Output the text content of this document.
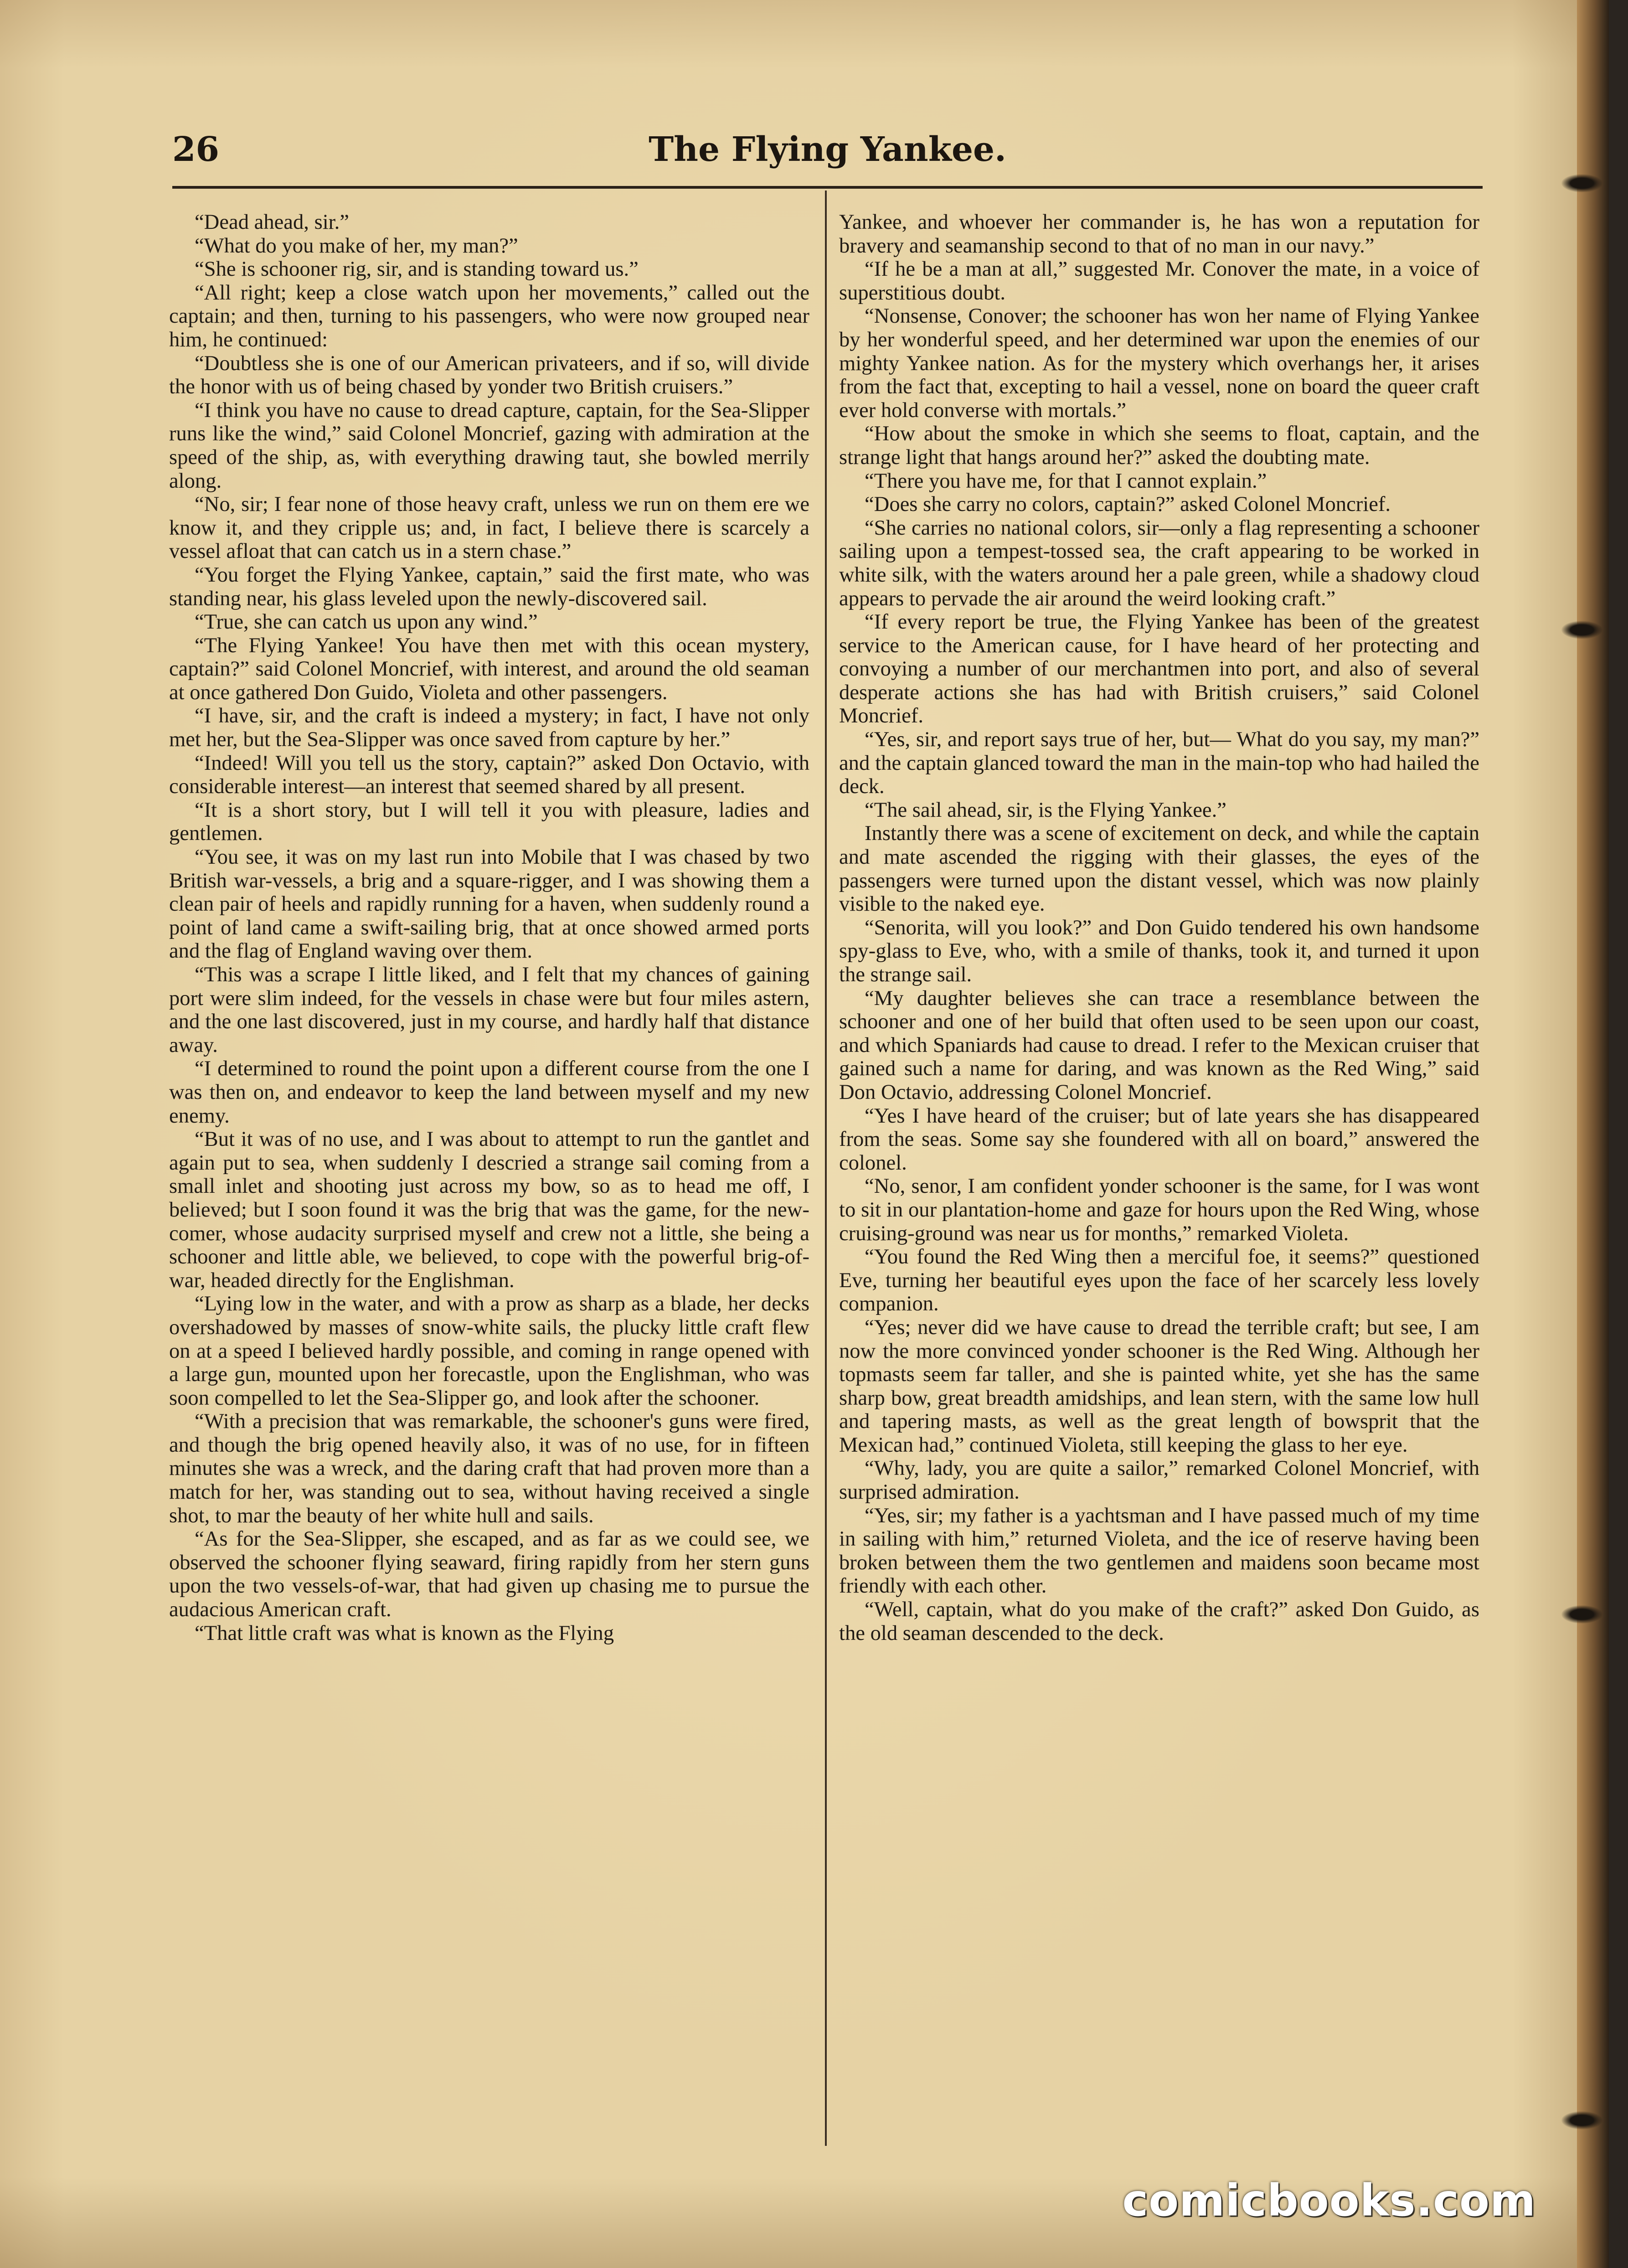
26	The Flying Yankee.

“Dead ahead, sir.”

“What do you make of her, my man?”

“She is schooner rig, sir, and is standing toward us.”

“All right; keep a close watch upon her movements,” called out the captain; and then, turning to his passengers, who were now grouped near him, he continued:

“Doubtless she is one of our American privateers, and if so, will divide the honor with us of being chased by yonder two British cruisers.”

“I think you have no cause to dread capture, captain, for the Sea-Slipper runs like the wind,” said Colonel Moncrief, gazing with admiration at the speed of the ship, as, with everything drawing taut, she bowled merrily along.

“No, sir; I fear none of those heavy craft, unless we run on them ere we know it, and they cripple us; and, in fact, I believe there is scarcely a vessel afloat that can catch us in a stern chase.”

“You forget the Flying Yankee, captain,” said the first mate, who was standing near, his glass leveled upon the newly-discovered sail.

“True, she can catch us upon any wind.”

“The Flying Yankee! You have then met with this ocean mystery, captain?” said Colonel Moncrief, with interest, and around the old seaman at once gathered Don Guido, Violeta and other passengers.

“I have, sir, and the craft is indeed a mystery; in fact, I have not only met her, but the Sea-Slipper was once saved from capture by her.”

“Indeed! Will you tell us the story, captain?” asked Don Octavio, with considerable interest—an interest that seemed shared by all present.

“It is a short story, but I will tell it you with pleasure, ladies and gentlemen.

“You see, it was on my last run into Mobile that I was chased by two British war-vessels, a brig and a square-rigger, and I was showing them a clean pair of heels and rapidly running for a haven, when suddenly round a point of land came a swift-sailing brig, that at once showed armed ports and the flag of England waving over them.

“This was a scrape I little liked, and I felt that my chances of gaining port were slim indeed, for the vessels in chase were but four miles astern, and the one last discovered, just in my course, and hardly half that distance away.

“I determined to round the point upon a different course from the one I was then on, and endeavor to keep the land between myself and my new enemy.

“But it was of no use, and I was about to attempt to run the gantlet and again put to sea, when suddenly I descried a strange sail coming from a small inlet and shooting just across my bow, so as to head me off, I believed; but I soon found it was the brig that was the game, for the new-comer, whose audacity surprised myself and crew not a little, she being a schooner and little able, we believed, to cope with the powerful brig-of-war, headed directly for the Englishman.

“Lying low in the water, and with a prow as sharp as a blade, her decks overshadowed by masses of snow-white sails, the plucky little craft flew on at a speed I believed hardly possible, and coming in range opened with a large gun, mounted upon her forecastle, upon the Englishman, who was soon compelled to let the Sea-Slipper go, and look after the schooner.

“With a precision that was remarkable, the schooner's guns were fired, and though the brig opened heavily also, it was of no use, for in fifteen minutes she was a wreck, and the daring craft that had proven more than a match for her, was standing out to sea, without having received a single shot, to mar the beauty of her white hull and sails.

“As for the Sea-Slipper, she escaped, and as far as we could see, we observed the schooner flying seaward, firing rapidly from her stern guns upon the two vessels-of-war, that had given up chasing me to pursue the audacious American craft.

“That little craft was what is known as the Flying

Yankee, and whoever her commander is, he has won a reputation for bravery and seamanship second to that of no man in our navy.”

“If he be a man at all,” suggested Mr. Conover the mate, in a voice of superstitious doubt.

“Nonsense, Conover; the schooner has won her name of Flying Yankee by her wonderful speed, and her determined war upon the enemies of our mighty Yankee nation. As for the mystery which overhangs her, it arises from the fact that, excepting to hail a vessel, none on board the queer craft ever hold converse with mortals.”

“How about the smoke in which she seems to float, captain, and the strange light that hangs around her?” asked the doubting mate.

“There you have me, for that I cannot explain.”

“Does she carry no colors, captain?” asked Colonel Moncrief.

“She carries no national colors, sir—only a flag representing a schooner sailing upon a tempest-tossed sea, the craft appearing to be worked in white silk, with the waters around her a pale green, while a shadowy cloud appears to pervade the air around the weird looking craft.”

“If every report be true, the Flying Yankee has been of the greatest service to the American cause, for I have heard of her protecting and convoying a number of our merchantmen into port, and also of several desperate actions she has had with British cruisers,” said Colonel Moncrief.

“Yes, sir, and report says true of her, but— What do you say, my man?” and the captain glanced toward the man in the main-top who had hailed the deck.

“The sail ahead, sir, is the Flying Yankee.”

Instantly there was a scene of excitement on deck, and while the captain and mate ascended the rigging with their glasses, the eyes of the passengers were turned upon the distant vessel, which was now plainly visible to the naked eye.

“Senorita, will you look?” and Don Guido tendered his own handsome spy-glass to Eve, who, with a smile of thanks, took it, and turned it upon the strange sail.

“My daughter believes she can trace a resemblance between the schooner and one of her build that often used to be seen upon our coast, and which Spaniards had cause to dread. I refer to the Mexican cruiser that gained such a name for daring, and was known as the Red Wing,” said Don Octavio, addressing Colonel Moncrief.

“Yes I have heard of the cruiser; but of late years she has disappeared from the seas. Some say she foundered with all on board,” answered the colonel.

“No, senor, I am confident yonder schooner is the same, for I was wont to sit in our plantation-home and gaze for hours upon the Red Wing, whose cruising-ground was near us for months,” remarked Violeta.

“You found the Red Wing then a merciful foe, it seems?” questioned Eve, turning her beautiful eyes upon the face of her scarcely less lovely companion.

“Yes; never did we have cause to dread the terrible craft; but see, I am now the more convinced yonder schooner is the Red Wing. Although her topmasts seem far taller, and she is painted white, yet she has the same sharp bow, great breadth amidships, and lean stern, with the same low hull and tapering masts, as well as the great length of bowsprit that the Mexican had,” continued Violeta, still keeping the glass to her eye.

“Why, lady, you are quite a sailor,” remarked Colonel Moncrief, with surprised admiration.

“Yes, sir; my father is a yachtsman and I have passed much of my time in sailing with him,” returned Violeta, and the ice of reserve having been broken between them the two gentlemen and maidens soon became most friendly with each other.

“Well, captain, what do you make of the craft?” asked Don Guido, as the old seaman descended to the deck.

comicbooks.com
